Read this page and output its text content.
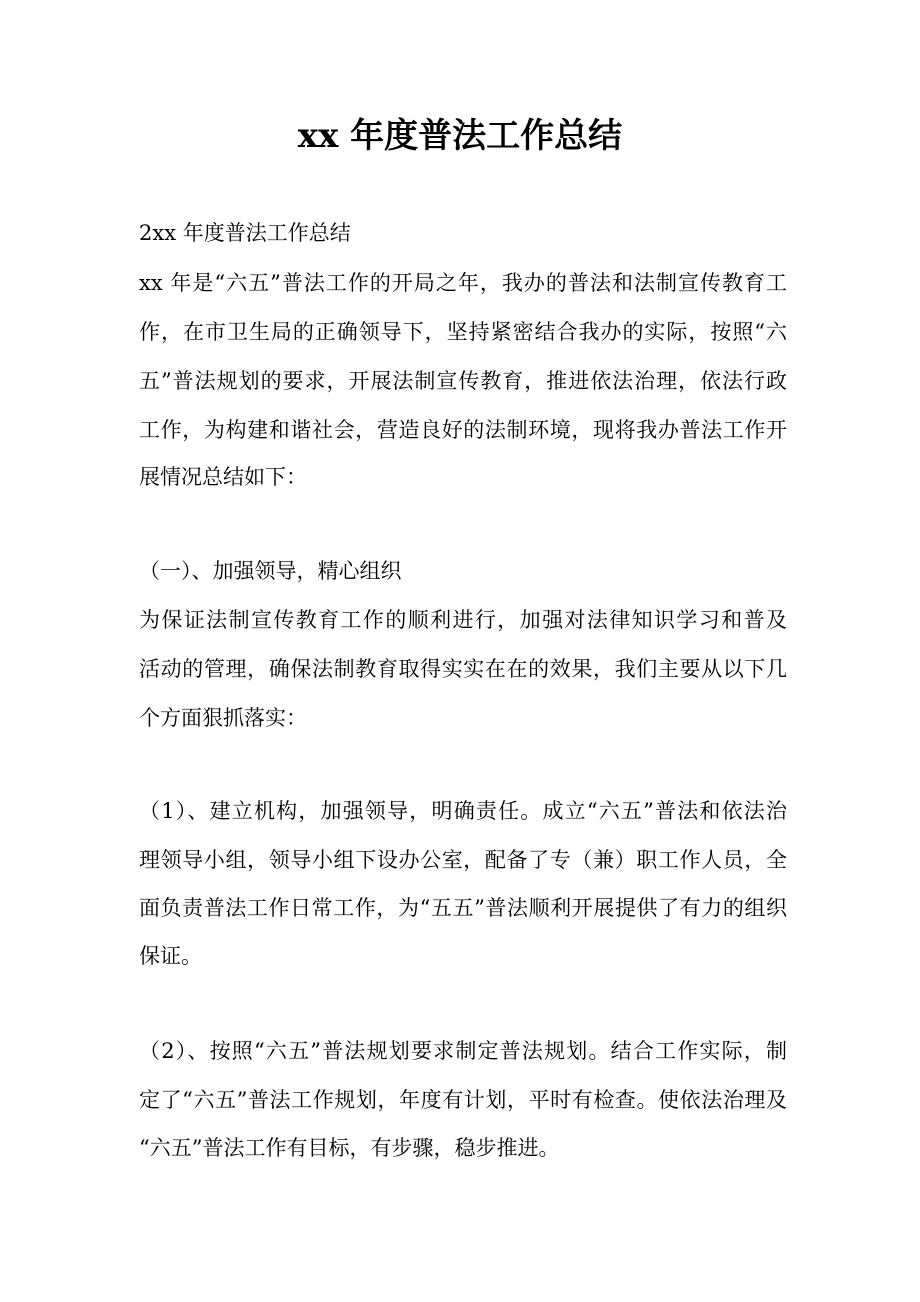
xx 年度普法工作总结

2xx 年度普法工作总结

xx 年是“六五”普法工作的开局之年，我办的普法和法制宣传教育工

作，在市卫生局的正确领导下，坚持紧密结合我办的实际，按照“六

五”普法规划的要求，开展法制宣传教育，推进依法治理，依法行政

工作，为构建和谐社会，营造良好的法制环境，现将我办普法工作开

展情况总结如下：

（一）、加强领导，精心组织

为保证法制宣传教育工作的顺利进行，加强对法律知识学习和普及

活动的管理，确保法制教育取得实实在在的效果，我们主要从以下几

个方面狠抓落实：

（1）、建立机构，加强领导，明确责任。成立“六五”普法和依法治

理领导小组，领导小组下设办公室，配备了专（兼）职工作人员，全

面负责普法工作日常工作，为“五五”普法顺利开展提供了有力的组织

保证。

（2）、按照“六五”普法规划要求制定普法规划。结合工作实际，制

定了“六五”普法工作规划，年度有计划，平时有检查。使依法治理及

“六五”普法工作有目标，有步骤，稳步推进。
